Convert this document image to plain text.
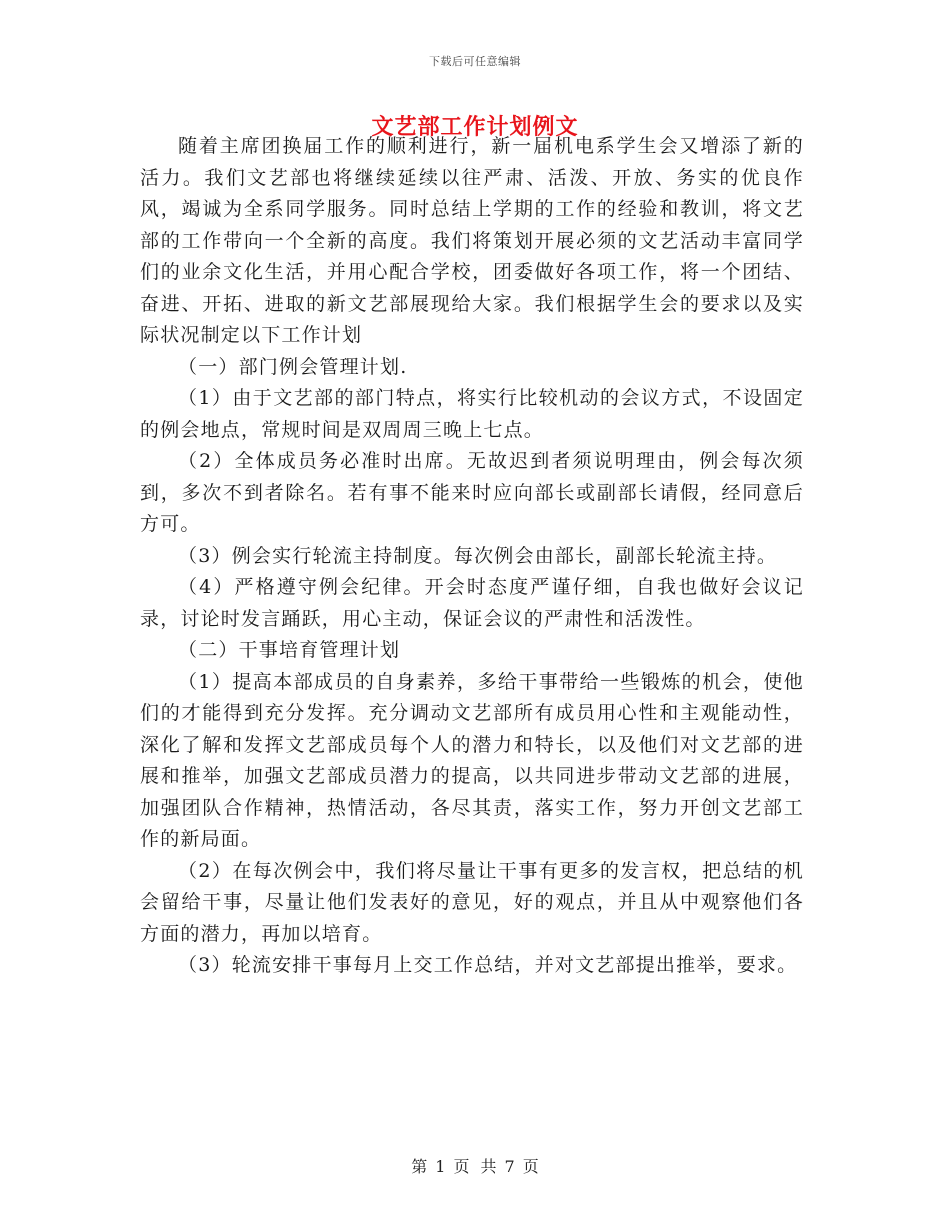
下载后可任意编辑
文艺部工作计划例文

随着主席团换届工作的顺利进行，新一届机电系学生会又增添了新的活力。我们文艺部也将继续延续以往严肃、活泼、开放、务实的优良作风，竭诚为全系同学服务。同时总结上学期的工作的经验和教训，将文艺部的工作带向一个全新的高度。我们将策划开展必须的文艺活动丰富同学们的业余文化生活，并用心配合学校，团委做好各项工作，将一个团结、奋进、开拓、进取的新文艺部展现给大家。我们根据学生会的要求以及实际状况制定以下工作计划

（一）部门例会管理计划.

（1）由于文艺部的部门特点，将实行比较机动的会议方式，不设固定的例会地点，常规时间是双周周三晚上七点。

（2）全体成员务必准时出席。无故迟到者须说明理由，例会每次须到，多次不到者除名。若有事不能来时应向部长或副部长请假，经同意后方可。

（3）例会实行轮流主持制度。每次例会由部长，副部长轮流主持。

（4）严格遵守例会纪律。开会时态度严谨仔细，自我也做好会议记录，讨论时发言踊跃，用心主动，保证会议的严肃性和活泼性。

（二）干事培育管理计划

（1）提高本部成员的自身素养，多给干事带给一些锻炼的机会，使他们的才能得到充分发挥。充分调动文艺部所有成员用心性和主观能动性，深化了解和发挥文艺部成员每个人的潜力和特长，以及他们对文艺部的进展和推举，加强文艺部成员潜力的提高，以共同进步带动文艺部的进展，加强团队合作精神，热情活动，各尽其责，落实工作，努力开创文艺部工作的新局面。

（2）在每次例会中，我们将尽量让干事有更多的发言权，把总结的机会留给干事，尽量让他们发表好的意见，好的观点，并且从中观察他们各方面的潜力，再加以培育。

（3）轮流安排干事每月上交工作总结，并对文艺部提出推举，要求。

第 1 页 共 7 页
